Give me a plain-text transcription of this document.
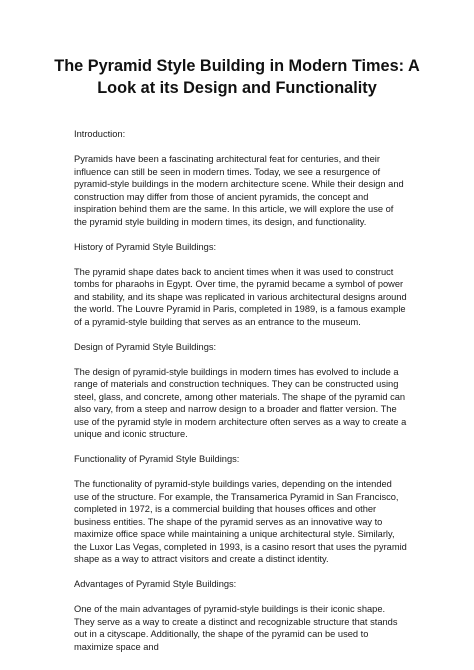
The Pyramid Style Building in Modern Times: A Look at its Design and Functionality

Introduction:

Pyramids have been a fascinating architectural feat for centuries, and their influence can still be seen in modern times. Today, we see a resurgence of pyramid-style buildings in the modern architecture scene. While their design and construction may differ from those of ancient pyramids, the concept and inspiration behind them are the same. In this article, we will explore the use of the pyramid style building in modern times, its design, and functionality.

History of Pyramid Style Buildings:

The pyramid shape dates back to ancient times when it was used to construct tombs for pharaohs in Egypt. Over time, the pyramid became a symbol of power and stability, and its shape was replicated in various architectural designs around the world. The Louvre Pyramid in Paris, completed in 1989, is a famous example of a pyramid-style building that serves as an entrance to the museum.

Design of Pyramid Style Buildings:

The design of pyramid-style buildings in modern times has evolved to include a range of materials and construction techniques. They can be constructed using steel, glass, and concrete, among other materials. The shape of the pyramid can also vary, from a steep and narrow design to a broader and flatter version. The use of the pyramid style in modern architecture often serves as a way to create a unique and iconic structure.

Functionality of Pyramid Style Buildings:

The functionality of pyramid-style buildings varies, depending on the intended use of the structure. For example, the Transamerica Pyramid in San Francisco, completed in 1972, is a commercial building that houses offices and other business entities. The shape of the pyramid serves as an innovative way to maximize office space while maintaining a unique architectural style. Similarly, the Luxor Las Vegas, completed in 1993, is a casino resort that uses the pyramid shape as a way to attract visitors and create a distinct identity.

Advantages of Pyramid Style Buildings:

One of the main advantages of pyramid-style buildings is their iconic shape. They serve as a way to create a distinct and recognizable structure that stands out in a cityscape. Additionally, the shape of the pyramid can be used to maximize space and
